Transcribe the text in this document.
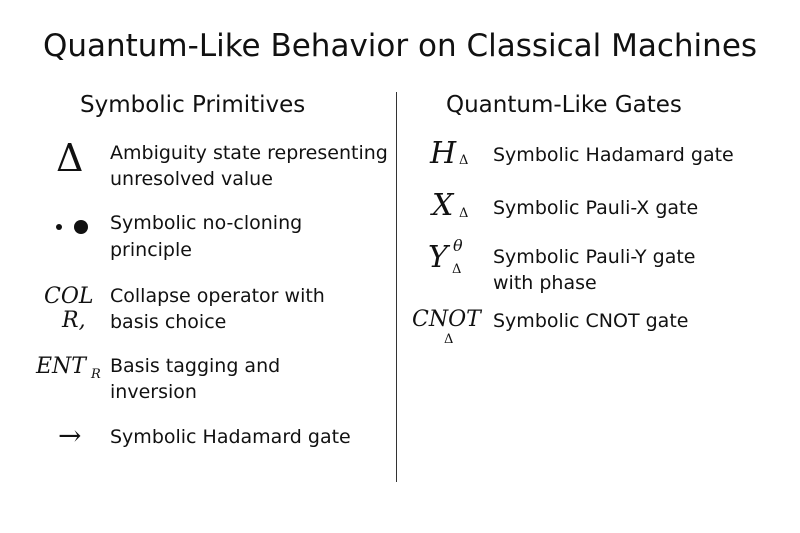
Quantum-Like Behavior on Classical Machines
Symbolic Primitives	Quantum-Like Gates
Δ Ambiguity state representing
unresolved value
Symbolic no-cloning
principle
COL
R,
Collapse operator with
basis choice
ENT R Basis tagging and
inversion
→ Symbolic Hadamard gate
H Δ Symbolic Hadamard gate
X Δ Symbolic Pauli-X gate
Y θ
Δ
Symbolic Pauli-Y gate
with phase
CNOT
Δ
Symbolic CNOT gate
